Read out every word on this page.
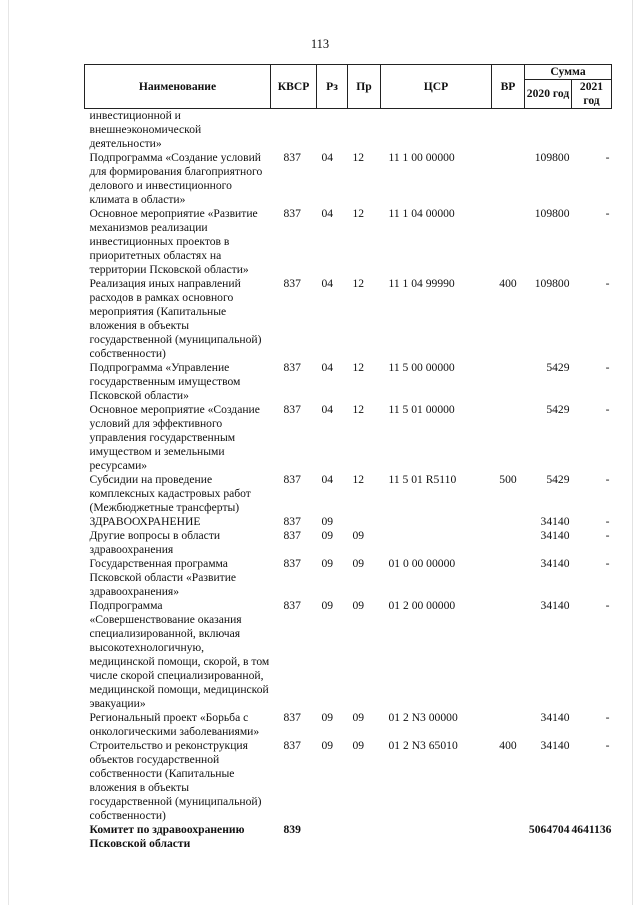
113
Наименование	КВСР	Рз	Пр	ЦСР	ВР	Сумма	
						2020 год	2021 год
инвестиционной и внешнеэкономической деятельности»							
Подпрограмма «Создание условий для формирования благоприятного делового и инвестиционного климата в области»	837	04	12	11 1 00 00000		109800	-
Основное мероприятие «Развитие механизмов реализации инвестиционных проектов в приоритетных областях на территории Псковской области»	837	04	12	11 1 04 00000		109800	-
Реализация иных направлений расходов в рамках основного мероприятия (Капитальные вложения в объекты государственной (муниципальной) собственности)	837	04	12	11 1 04 99990	400	109800	-
Подпрограмма «Управление государственным имуществом Псковской области»	837	04	12	11 5 00 00000		5429	-
Основное мероприятие «Создание условий для эффективного управления государственным имуществом и земельными ресурсами»	837	04	12	11 5 01 00000		5429	-
Субсидии на проведение комплексных кадастровых работ (Межбюджетные трансферты)	837	04	12	11 5 01 R5110	500	5429	-
ЗДРАВООХРАНЕНИЕ	837	09				34140	-
Другие вопросы в области здравоохранения	837	09	09			34140	-
Государственная программа Псковской области «Развитие здравоохранения»	837	09	09	01 0 00 00000		34140	-
Подпрограмма «Совершенствование оказания специализированной, включая высокотехнологичную, медицинской помощи, скорой, в том числе скорой специализированной, медицинской помощи, медицинской эвакуации»	837	09	09	01 2 00 00000		34140	-
Региональный проект «Борьба с онкологическими заболеваниями»	837	09	09	01 2 N3 00000		34140	-
Строительство и реконструкция объектов государственной собственности (Капитальные вложения в объекты государственной (муниципальной) собственности)	837	09	09	01 2 N3 65010	400	34140	-
Комитет по здравоохранению Псковской области	839					5064704	4641136
